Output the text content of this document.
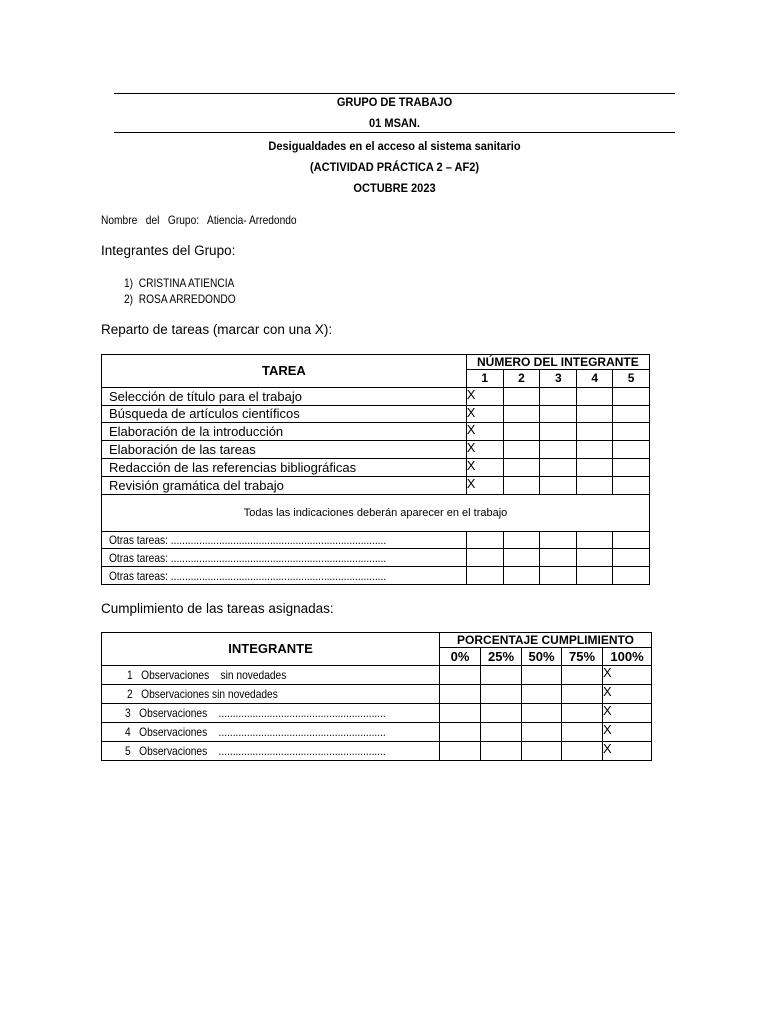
GRUPO DE TRABAJO
01 MSAN.
Desigualdades en el acceso al sistema sanitario
(ACTIVIDAD PRÁCTICA 2 – AF2)
OCTUBRE 2023
Nombre   del   Grupo:   Atiencia- Arredondo
Integrantes del Grupo:
1)  CRISTINA ATIENCIA
2)  ROSA ARREDONDO
Reparto de tareas (marcar con una X):
TAREA	NÚMERO DEL INTEGRANTE				
	1	2	3	4	5
Selección de título para el trabajo	X				
Búsqueda de artículos científicos	X				
Elaboración de la introducción	X				
Elaboración de las tareas	X				
Redacción de las referencias bibliográficas	X				
Revisión gramática del trabajo	X				
Todas las indicaciones deberán aparecer en el trabajo					
Otras tareas: ............................................................................					
Otras tareas: ............................................................................					
Otras tareas: ............................................................................					
Cumplimiento de las tareas asignadas:
INTEGRANTE	PORCENTAJE CUMPLIMIENTO				
	0%	25%	50%	75%	100%
1   Observaciones    sin novedades					X
2   Observaciones sin novedades					X
3   Observaciones    ...........................................................					X
4   Observaciones    ...........................................................					X
5   Observaciones    ...........................................................					X
